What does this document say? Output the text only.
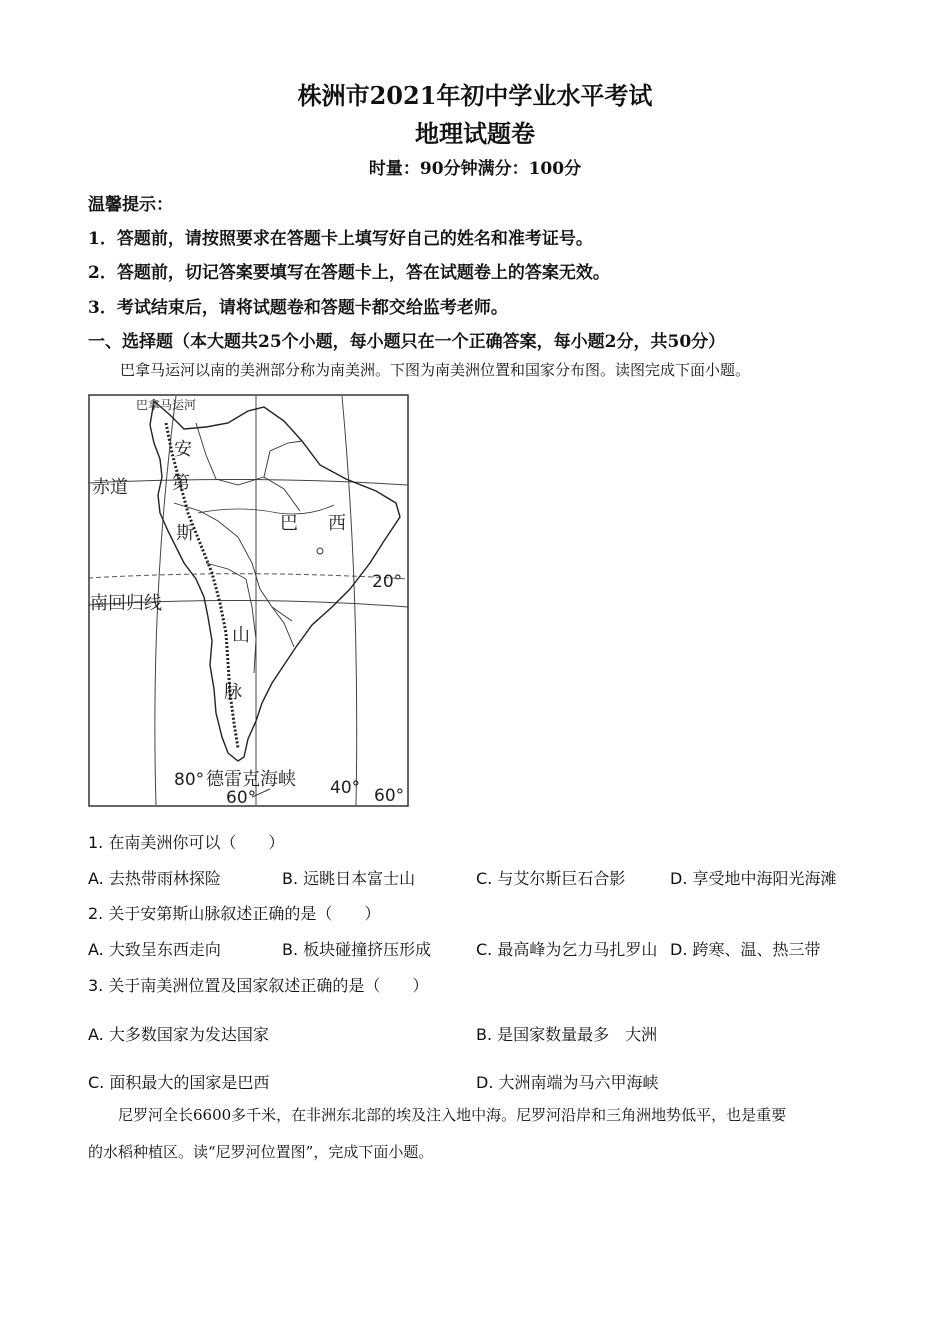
株洲市2021年初中学业水平考试
地理试题卷
时量：90分钟满分：100分
温馨提示：
1．答题前，请按照要求在答题卡上填写好自己的姓名和准考证号。
2．答题前，切记答案要填写在答题卡上，答在试题卷上的答案无效。
3．考试结束后，请将试题卷和答题卡都交给监考老师。
一、选择题（本大题共25个小题，每小题只在一个正确答案，每小题2分，共50分）
巴拿马运河以南的美洲部分称为南美洲。下图为南美洲位置和国家分布图。读图完成下面小题。
巴拿马运河
安
第
斯
山
脉
赤道
巴 西
20°
南回归线
80° 德雷克海峡
60°	40° 60°
1. 在南美洲你可以（　　）
A. 去热带雨林探险	B. 远眺日本富士山	C. 与艾尔斯巨石合影	D. 享受地中海阳光海滩
2. 关于安第斯山脉叙述正确的是（　　）
A. 大致呈东西走向	B. 板块碰撞挤压形成	C. 最高峰为乞力马扎罗山 D. 跨寒、温、热三带
3. 关于南美洲位置及国家叙述正确的是（　　）
A. 大多数国家为发达国家	B. 是国家数量最多　大洲
C. 面积最大的国家是巴西	D. 大洲南端为马六甲海峡
尼罗河全长6600多千米，在非洲东北部的埃及注入地中海。尼罗河沿岸和三角洲地势低平，也是重要
的水稻种植区。读“尼罗河位置图”，完成下面小题。
